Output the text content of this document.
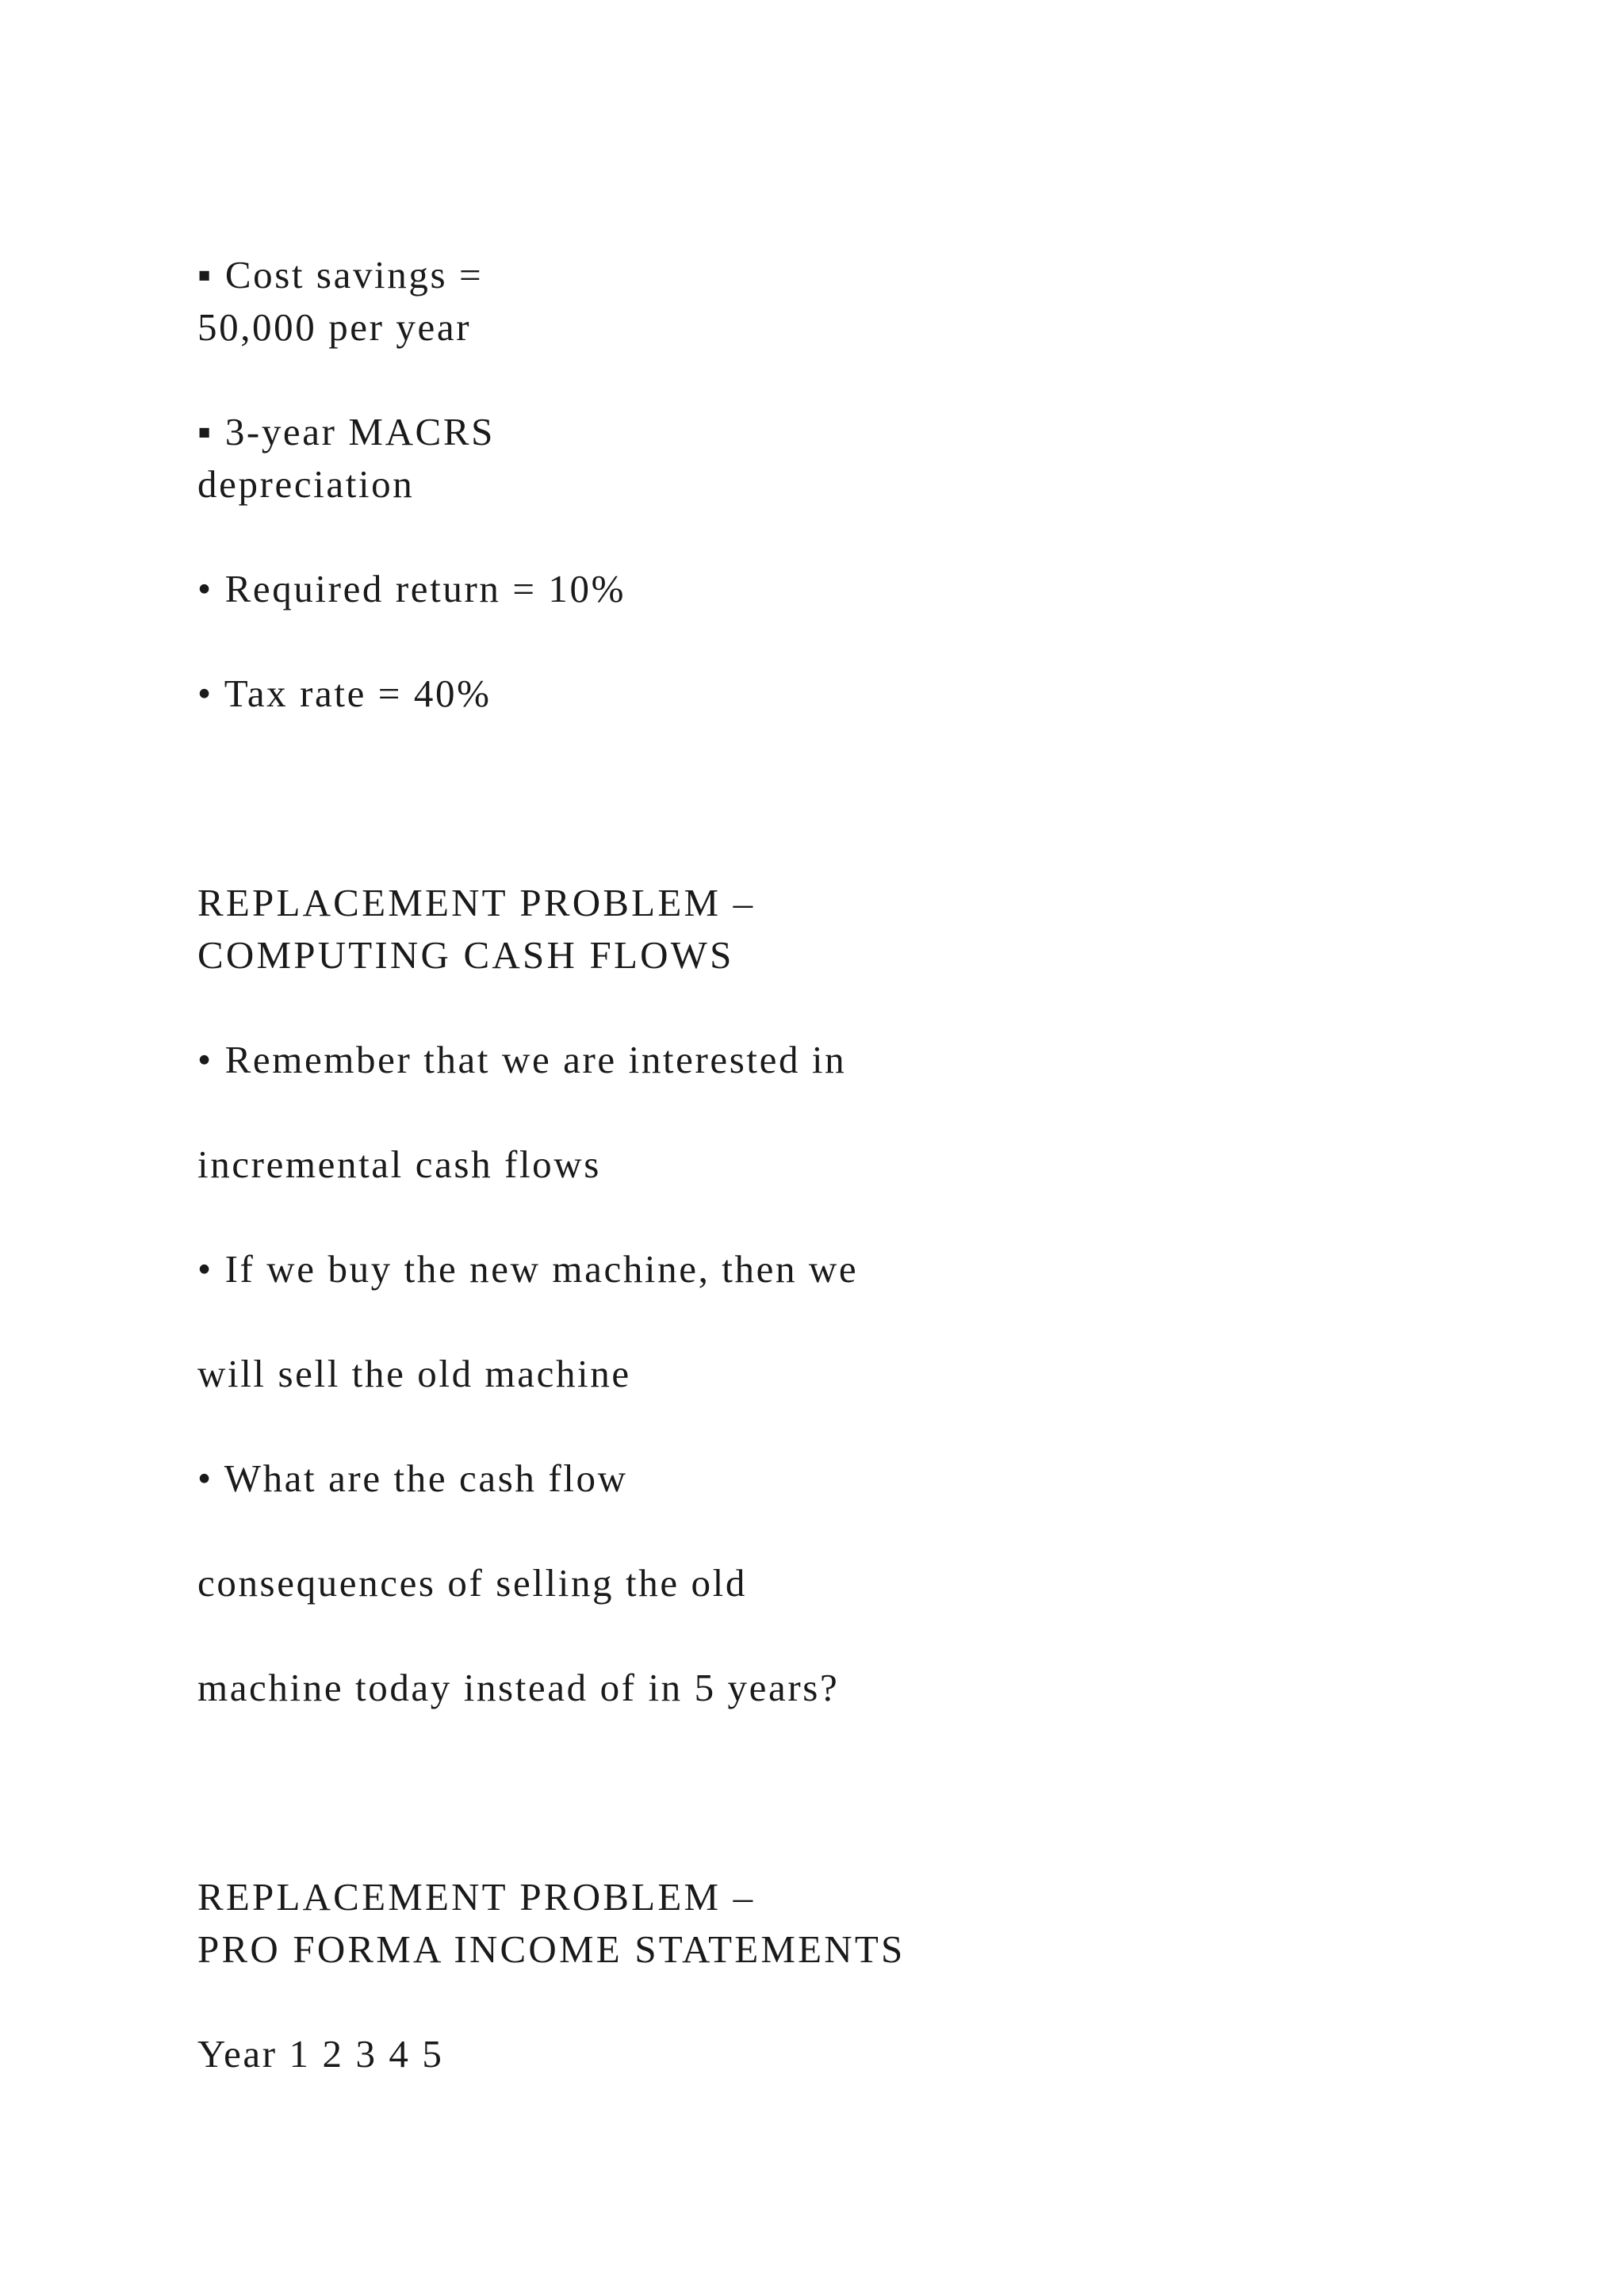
▪ Cost savings =

50,000 per year

▪ 3-year MACRS

depreciation

• Required return = 10%

• Tax rate = 40%

REPLACEMENT PROBLEM –

COMPUTING CASH FLOWS

• Remember that we are interested in

incremental cash flows

• If we buy the new machine, then we

will sell the old machine

• What are the cash flow

consequences of selling the old

machine today instead of in 5 years?

REPLACEMENT PROBLEM –

PRO FORMA INCOME STATEMENTS

Year 1 2 3 4 5
